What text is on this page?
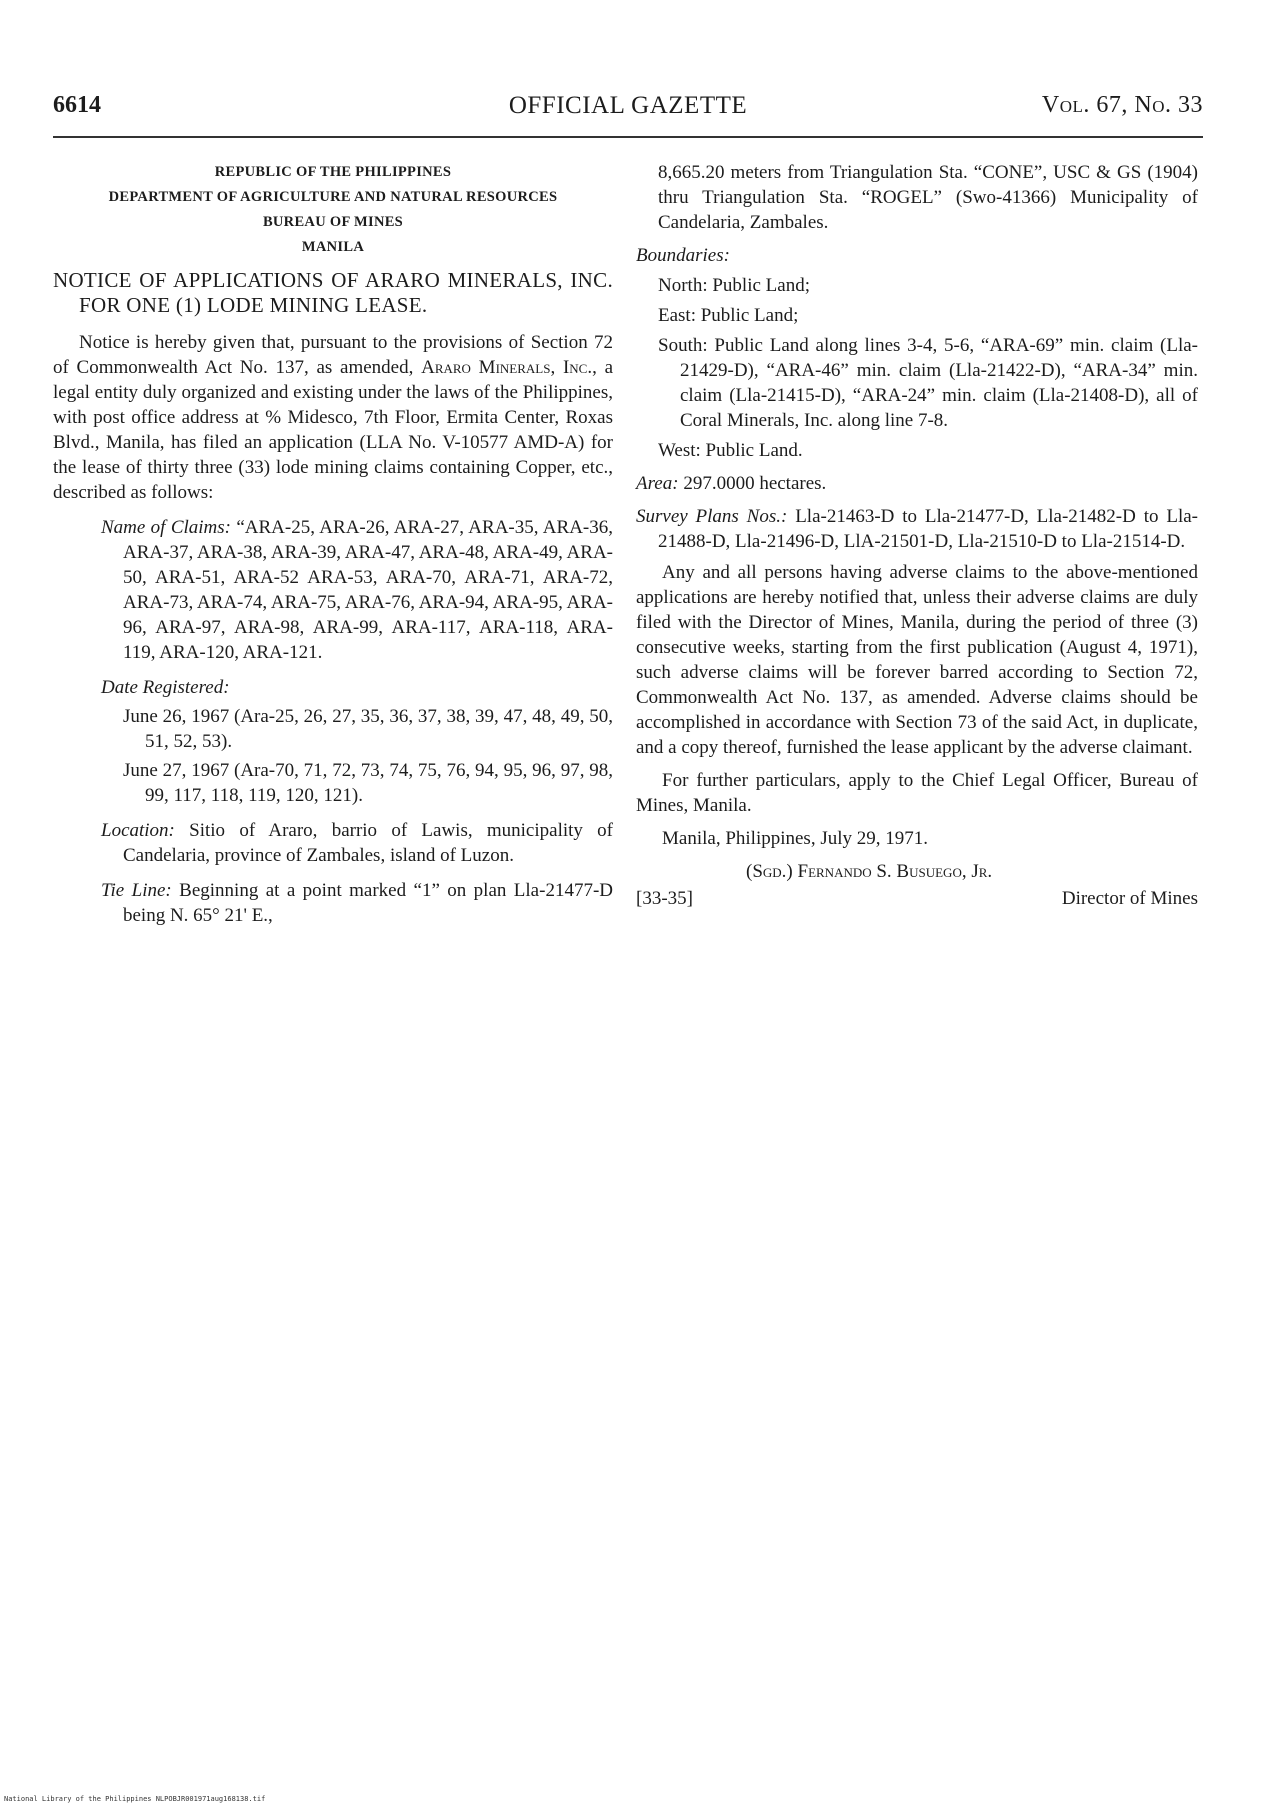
6614	OFFICIAL GAZETTE	Vol. 67, No. 33
REPUBLIC OF THE PHILIPPINES
DEPARTMENT OF AGRICULTURE AND NATURAL RESOURCES
BUREAU OF MINES
MANILA
NOTICE OF APPLICATIONS OF ARARO MINERALS, INC. FOR ONE (1) LODE MINING LEASE.

Notice is hereby given that, pursuant to the provisions of Section 72 of Commonwealth Act No. 137, as amended, Araro Minerals, Inc., a legal entity duly organized and existing under the laws of the Philippines, with post office address at % Midesco, 7th Floor, Ermita Center, Roxas Blvd., Manila, has filed an application (LLA No. V-10577 AMD-A) for the lease of thirty three (33) lode mining claims containing Copper, etc., described as follows:

Name of Claims: “ARA-25, ARA-26, ARA-27, ARA-35, ARA-36, ARA-37, ARA-38, ARA-39, ARA-47, ARA-48, ARA-49, ARA-50, ARA-51, ARA-52 ARA-53, ARA-70, ARA-71, ARA-72, ARA-73, ARA-74, ARA-75, ARA-76, ARA-94, ARA-95, ARA-96, ARA-97, ARA-98, ARA-99, ARA-117, ARA-118, ARA-119, ARA-120, ARA-121.
Date Registered:
June 26, 1967 (Ara-25, 26, 27, 35, 36, 37, 38, 39, 47, 48, 49, 50, 51, 52, 53).
June 27, 1967 (Ara-70, 71, 72, 73, 74, 75, 76, 94, 95, 96, 97, 98, 99, 117, 118, 119, 120, 121).
Location: Sitio of Araro, barrio of Lawis, municipality of Candelaria, province of Zambales, island of Luzon.
Tie Line: Beginning at a point marked “1” on plan Lla-21477-D being N. 65° 21' E.,

8,665.20 meters from Triangulation Sta. “CONE”, USC & GS (1904) thru Triangulation Sta. “ROGEL” (Swo-41366) Municipality of Candelaria, Zambales.

Boundaries:
North: Public Land;
East: Public Land;
South: Public Land along lines 3-4, 5-6, “ARA-69” min. claim (Lla-21429-D), “ARA-46” min. claim (Lla-21422-D), “ARA-34” min. claim (Lla-21415-D), “ARA-24” min. claim (Lla-21408-D), all of Coral Minerals, Inc. along line 7-8.
West: Public Land.
Area: 297.0000 hectares.
Survey Plans Nos.: Lla-21463-D to Lla-21477-D, Lla-21482-D to Lla-21488-D, Lla-21496-D, LlA-21501-D, Lla-21510-D to Lla-21514-D.

Any and all persons having adverse claims to the above-mentioned applications are hereby notified that, unless their adverse claims are duly filed with the Director of Mines, Manila, during the period of three (3) consecutive weeks, starting from the first publication (August 4, 1971), such adverse claims will be forever barred according to Section 72, Commonwealth Act No. 137, as amended. Adverse claims should be accomplished in accordance with Section 73 of the said Act, in duplicate, and a copy thereof, furnished the lease applicant by the adverse claimant.

For further particulars, apply to the Chief Legal Officer, Bureau of Mines, Manila.

Manila, Philippines, July 29, 1971.

(Sgd.) Fernando S. Busuego, Jr.
[33-35]	Director of Mines
National Library of the Philippines NLPOBJR001971aug168138.tif
